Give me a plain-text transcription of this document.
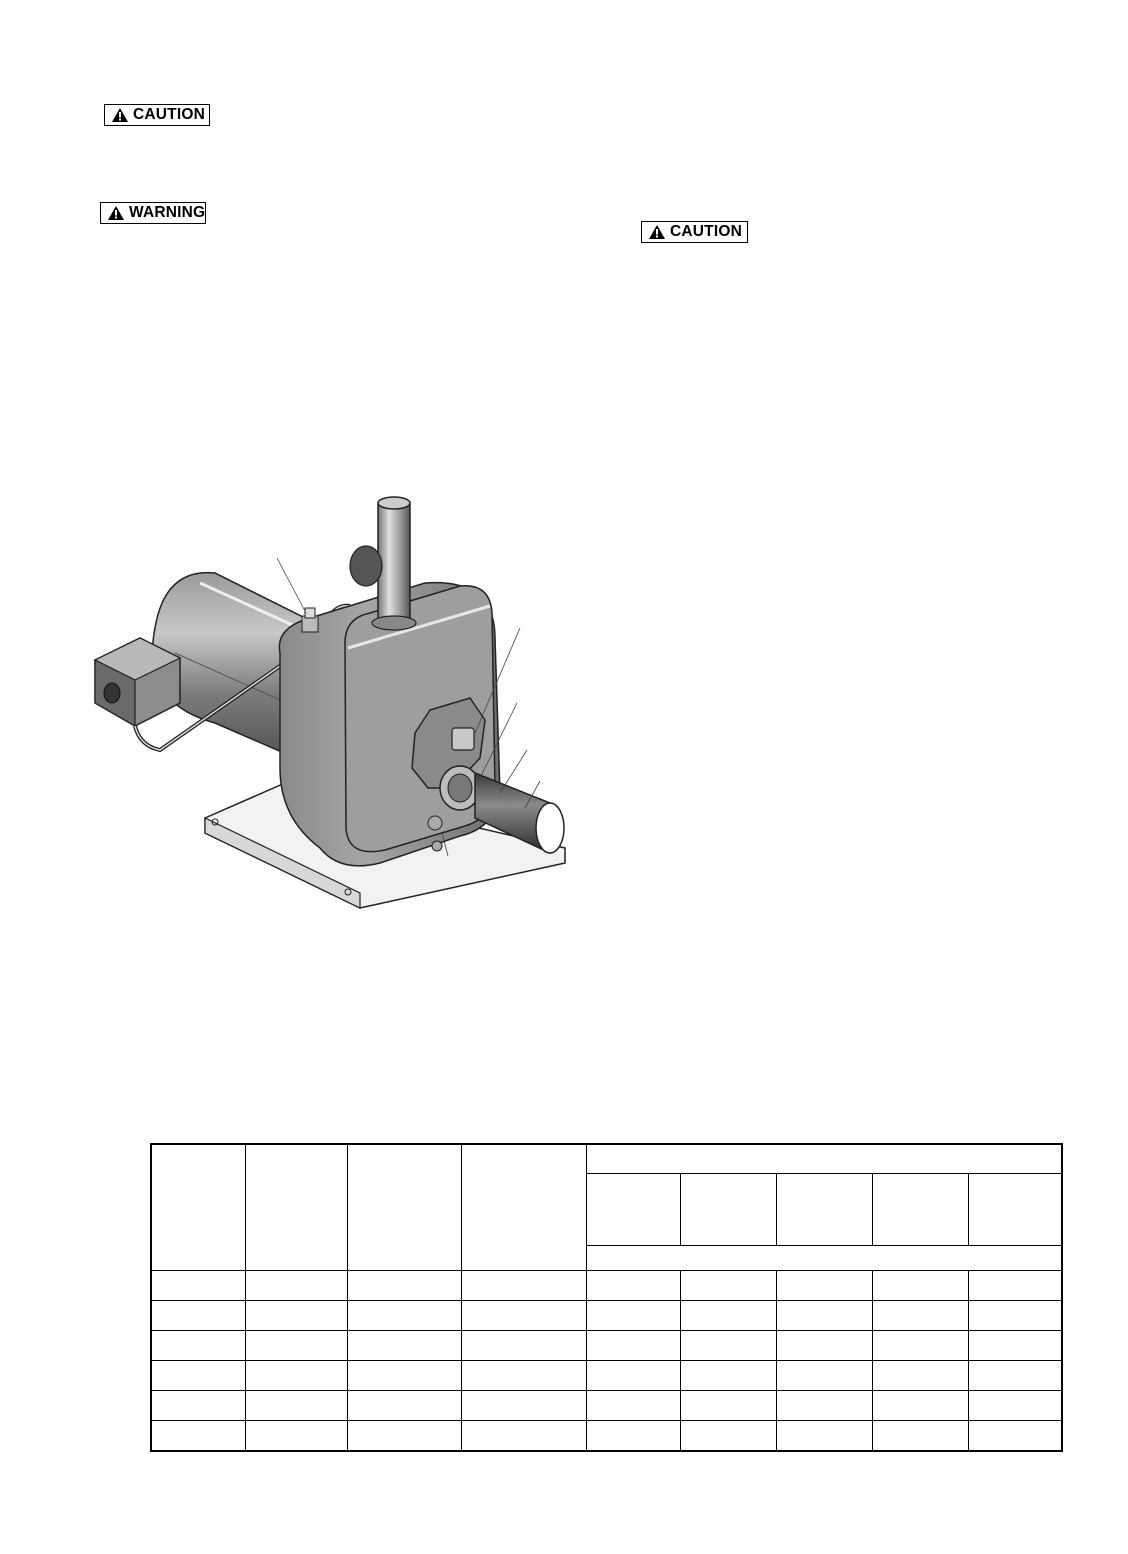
CAUTION
WARNING
CAUTION
